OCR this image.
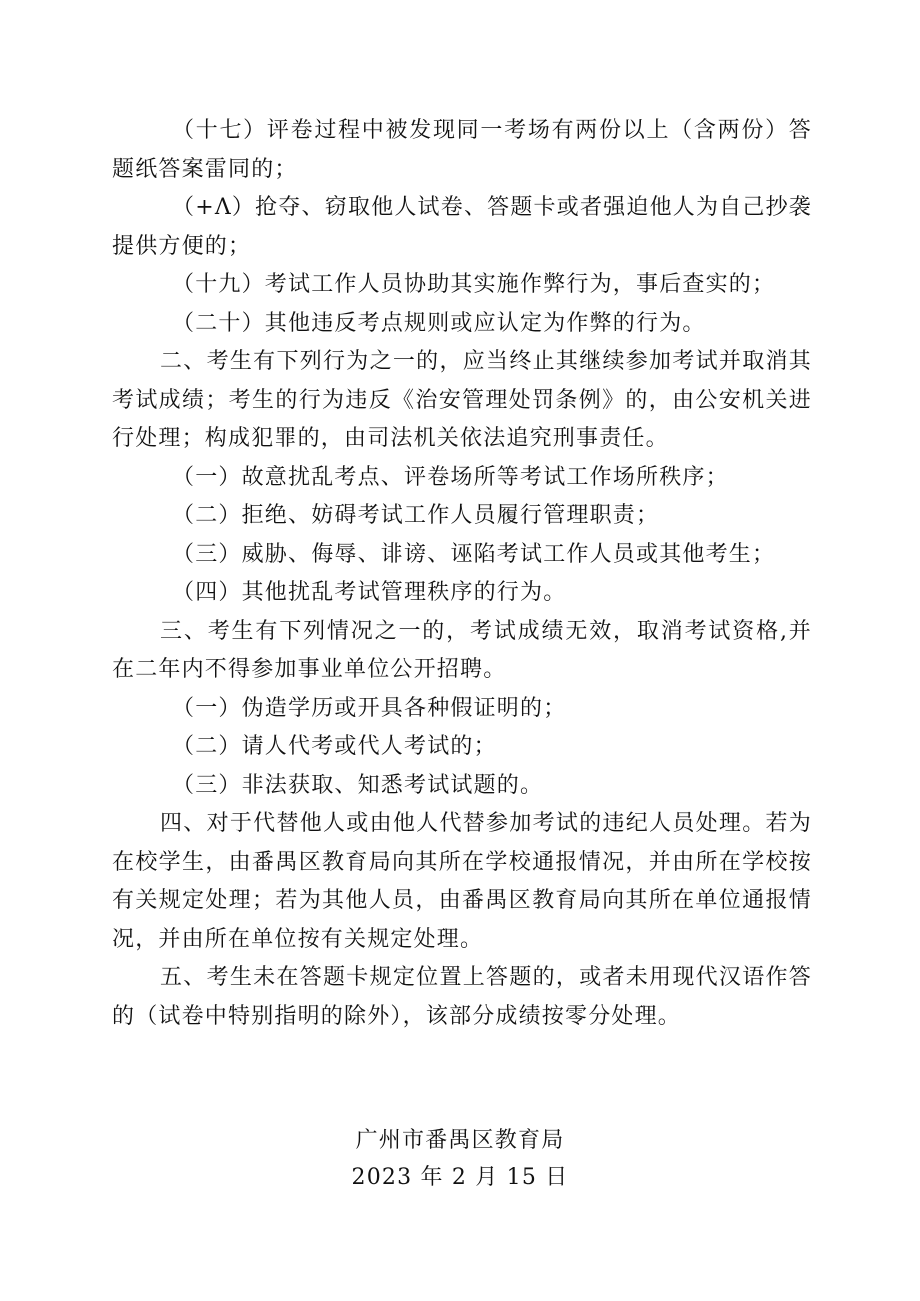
（十七）评卷过程中被发现同一考场有两份以上（含两份）答题纸答案雷同的；

（+Λ）抢夺、窃取他人试卷、答题卡或者强迫他人为自己抄袭提供方便的；

（十九）考试工作人员协助其实施作弊行为，事后查实的；

（二十）其他违反考点规则或应认定为作弊的行为。

二、考生有下列行为之一的，应当终止其继续参加考试并取消其考试成绩；考生的行为违反《治安管理处罚条例》的，由公安机关进行处理；构成犯罪的，由司法机关依法追究刑事责任。

（一）故意扰乱考点、评卷场所等考试工作场所秩序；

（二）拒绝、妨碍考试工作人员履行管理职责；

（三）威胁、侮辱、诽谤、诬陷考试工作人员或其他考生；

（四）其他扰乱考试管理秩序的行为。

三、考生有下列情况之一的，考试成绩无效，取消考试资格,并在二年内不得参加事业单位公开招聘。

（一）伪造学历或开具各种假证明的；

（二）请人代考或代人考试的；

（三）非法获取、知悉考试试题的。

四、对于代替他人或由他人代替参加考试的违纪人员处理。若为在校学生，由番禺区教育局向其所在学校通报情况，并由所在学校按有关规定处理；若为其他人员，由番禺区教育局向其所在单位通报情况，并由所在单位按有关规定处理。

五、考生未在答题卡规定位置上答题的，或者未用现代汉语作答的（试卷中特别指明的除外），该部分成绩按零分处理。

广州市番禺区教育局
2023 年 2 月 15 日
